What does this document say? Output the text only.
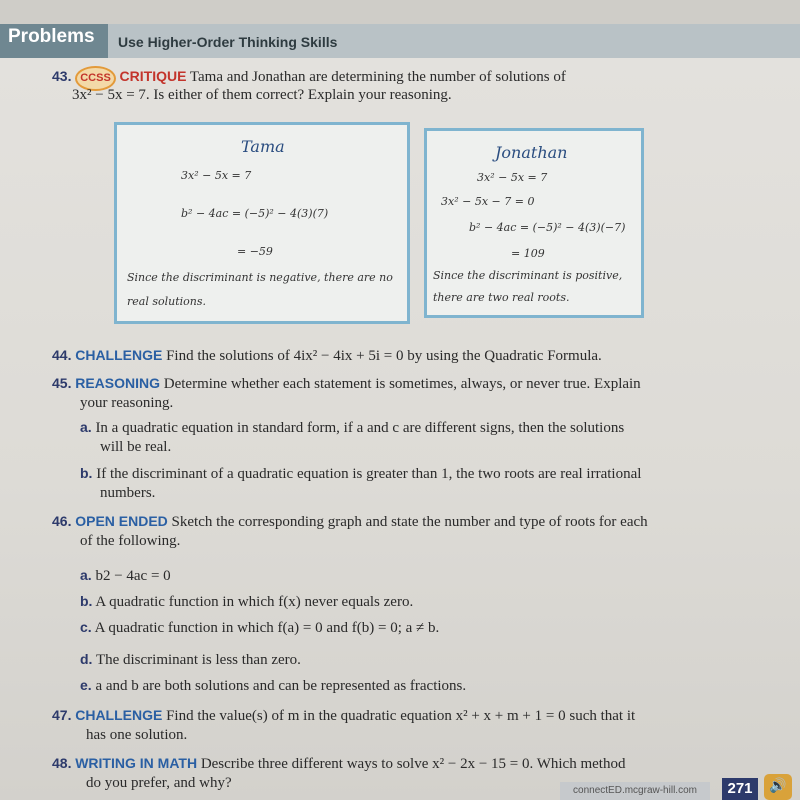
Problems Use Higher-Order Thinking Skills
43. CCSS CRITIQUE Tama and Jonathan are determining the number of solutions of
3x² − 5x = 7. Is either of them correct? Explain your reasoning.
Tama
3x² − 5x = 7
b² − 4ac = (−5)² − 4(3)(7)
= −59
Since the discriminant is negative, there are no
real solutions.
Jonathan
3x² − 5x = 7
3x² − 5x − 7 = 0
b² − 4ac = (−5)² − 4(3)(−7)
= 109
Since the discriminant is positive,
there are two real roots.
44. CHALLENGE Find the solutions of 4ix² − 4ix + 5i = 0 by using the Quadratic Formula.
45. REASONING Determine whether each statement is sometimes, always, or never true. Explain
your reasoning.
a. In a quadratic equation in standard form, if a and c are different signs, then the solutions
will be real.
b. If the discriminant of a quadratic equation is greater than 1, the two roots are real irrational
numbers.
46. OPEN ENDED Sketch the corresponding graph and state the number and type of roots for each
of the following.
a. b2 − 4ac = 0
b. A quadratic function in which f(x) never equals zero.
c. A quadratic function in which f(a) = 0 and f(b) = 0; a ≠ b.
d. The discriminant is less than zero.
e. a and b are both solutions and can be represented as fractions.
47. CHALLENGE Find the value(s) of m in the quadratic equation x² + x + m + 1 = 0 such that it
has one solution.
48. WRITING IN MATH Describe three different ways to solve x² − 2x − 15 = 0. Which method
do you prefer, and why?	connectED.mcgraw-hill.com	271	🔊
